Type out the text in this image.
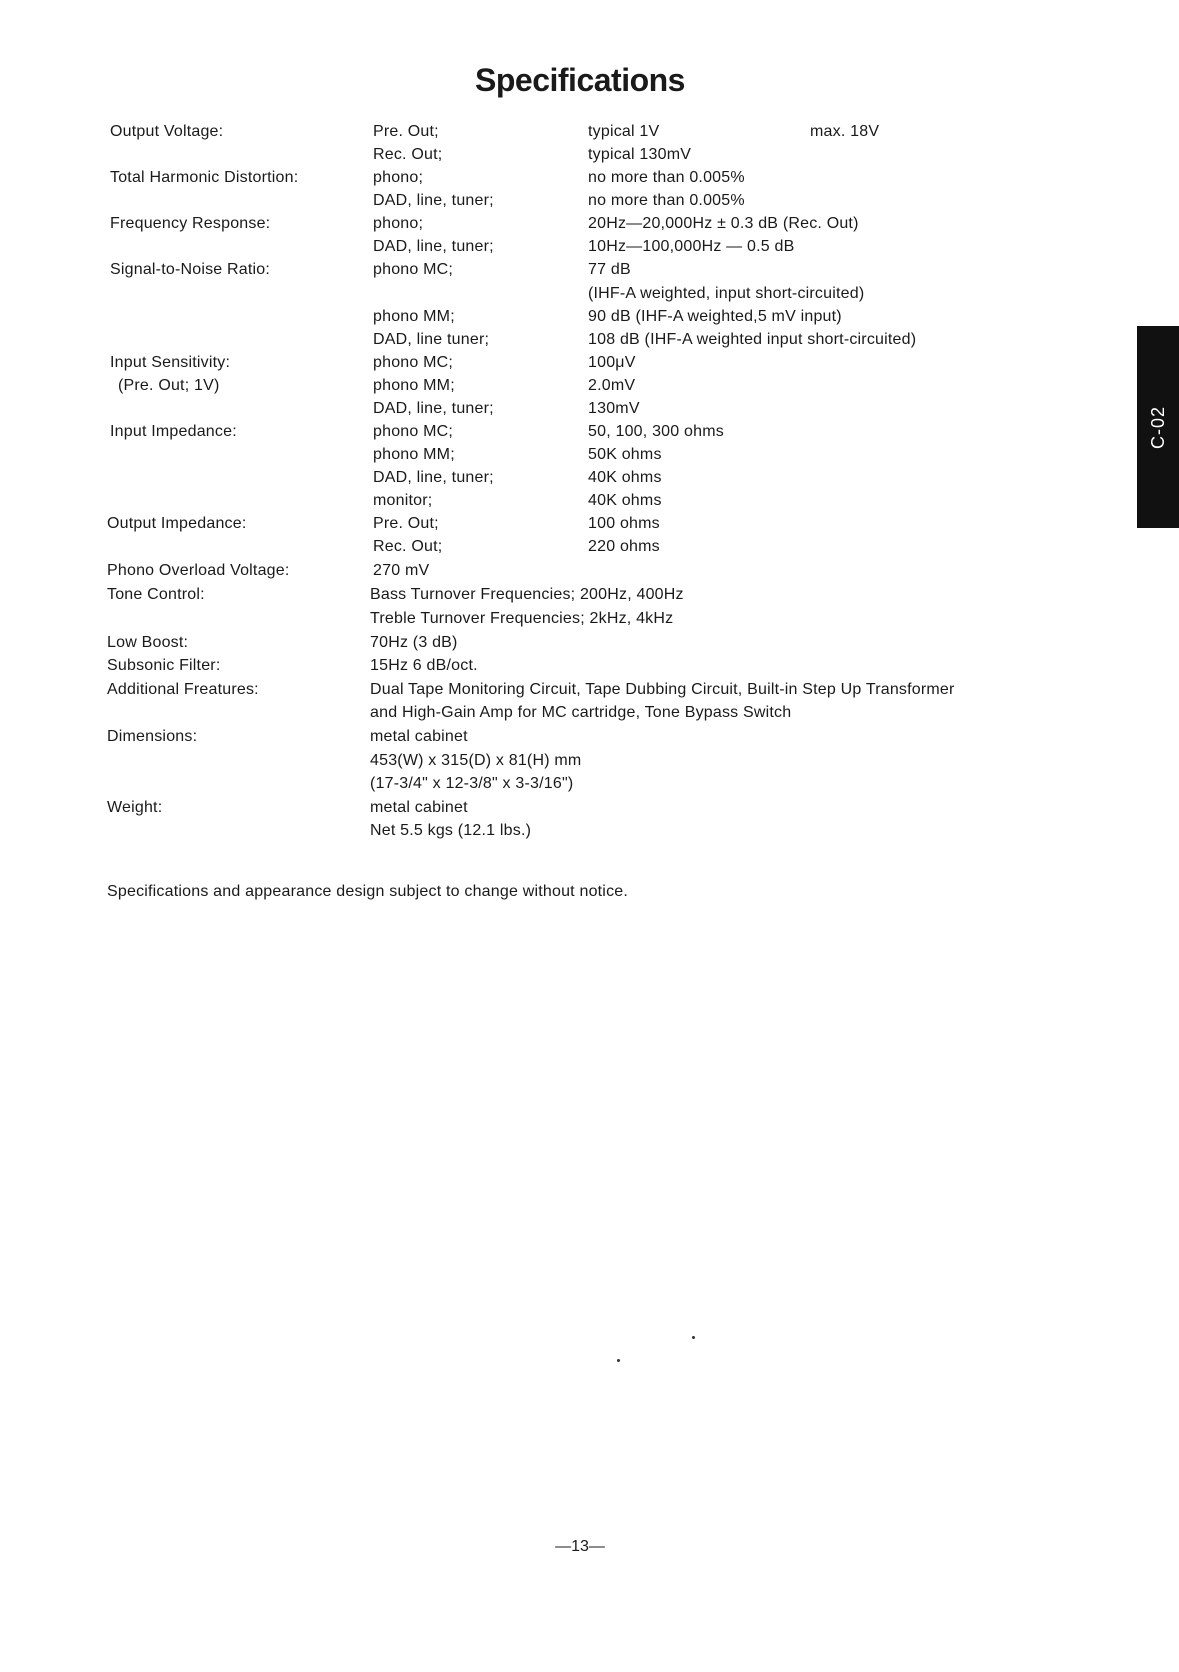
Specifications
Output Voltage:	Pre. Out;	typical 1V	max. 18V
Rec. Out;	typical 130mV
Total Harmonic Distortion:	phono;	no more than 0.005%
DAD, line, tuner;	no more than 0.005%
Frequency Response:	phono;	20Hz—20,000Hz ± 0.3 dB (Rec. Out)
DAD, line, tuner;	10Hz—100,000Hz — 0.5 dB
Signal-to-Noise Ratio:	phono MC;	77 dB
(IHF-A weighted, input short-circuited)
phono MM;	90 dB (IHF-A weighted,5 mV input)
DAD, line tuner;	108 dB (IHF-A weighted input short-circuited)
Input Sensitivity:	phono MC;	100μV
(Pre. Out; 1V)	phono MM;	2.0mV
DAD, line, tuner;	130mV
Input Impedance:	phono MC;	50, 100, 300 ohms
phono MM;	50K ohms
DAD, line, tuner;	40K ohms
monitor;	40K ohms
Output Impedance:	Pre. Out;	100 ohms
Rec. Out;	220 ohms
Phono Overload Voltage:	270 mV
Tone Control:	Bass Turnover Frequencies; 200Hz, 400Hz
Treble Turnover Frequencies; 2kHz, 4kHz
Low Boost:	70Hz (3 dB)
Subsonic Filter:	15Hz 6 dB/oct.
Additional Freatures:	Dual Tape Monitoring Circuit, Tape Dubbing Circuit, Built-in Step Up Transformer
and High-Gain Amp for MC cartridge, Tone Bypass Switch
Dimensions:	metal cabinet
453(W) x 315(D) x 81(H) mm
(17-3/4" x 12-3/8" x 3-3/16")
Weight:	metal cabinet
Net 5.5 kgs (12.1 lbs.)
Specifications and appearance design subject to change without notice.
C-02
—13—
